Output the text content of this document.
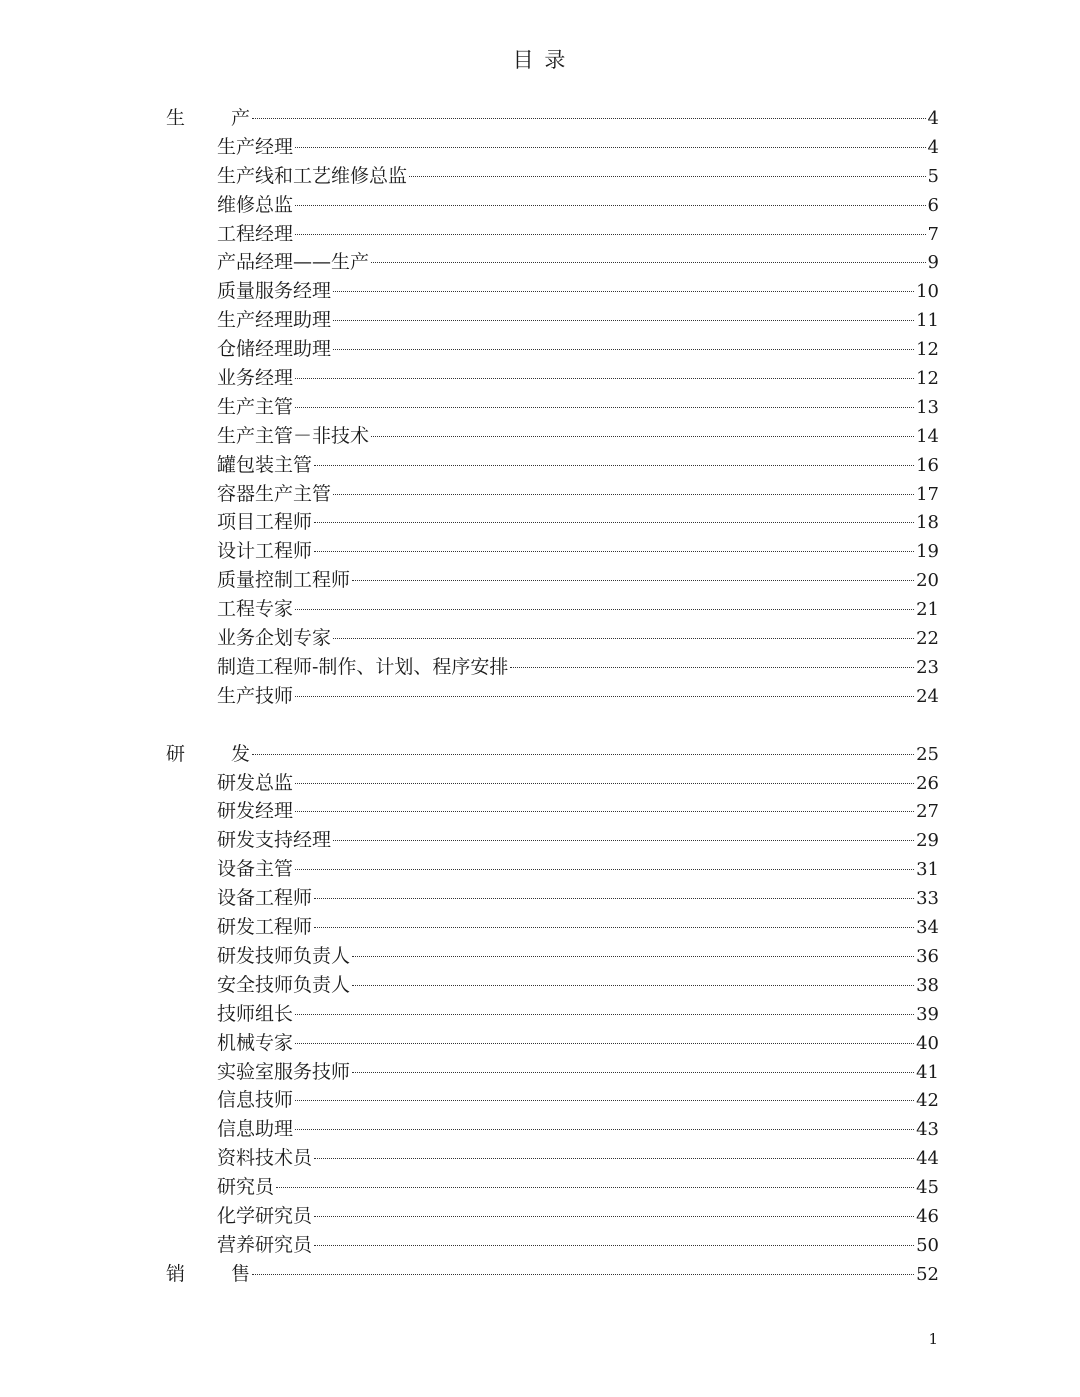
目 录
生 产	4
生产经理	4
生产线和工艺维修总监	5
维修总监	6
工程经理	7
产品经理——生产	9
质量服务经理	10
生产经理助理	11
仓储经理助理	12
业务经理	12
生产主管	13
生产主管－非技术	14
罐包装主管	16
容器生产主管	17
项目工程师	18
设计工程师	19
质量控制工程师	20
工程专家	21
业务企划专家	22
制造工程师-制作、计划、程序安排	23
生产技师	24
研 发	25
研发总监	26
研发经理	27
研发支持经理	29
设备主管	31
设备工程师	33
研发工程师	34
研发技师负责人	36
安全技师负责人	38
技师组长	39
机械专家	40
实验室服务技师	41
信息技师	42
信息助理	43
资料技术员	44
研究员	45
化学研究员	46
营养研究员	50
销 售	52
1
